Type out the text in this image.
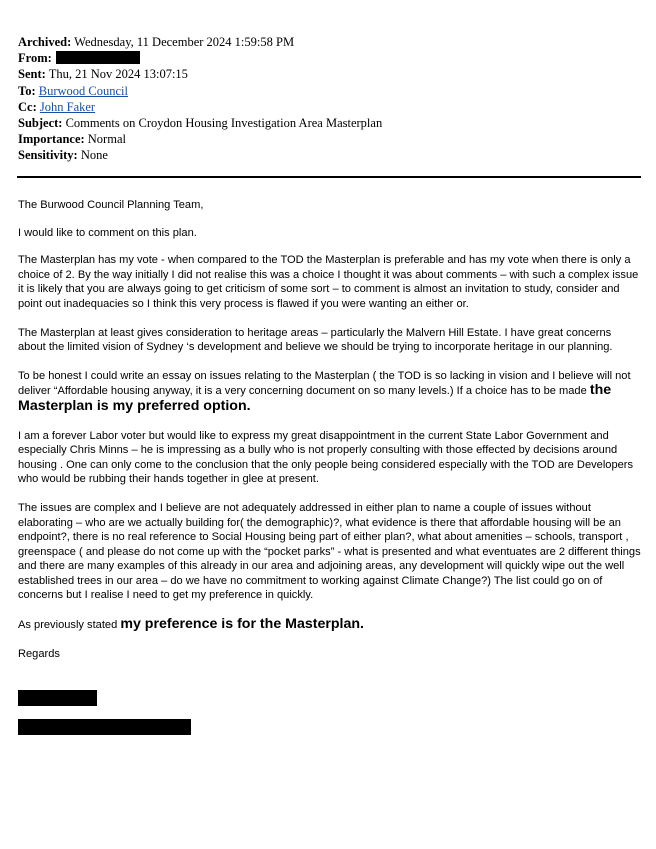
Archived: Wednesday, 11 December 2024 1:59:58 PM
From:
Sent: Thu, 21 Nov 2024 13:07:15
To: Burwood Council
Cc: John Faker
Subject: Comments on Croydon Housing Investigation Area Masterplan
Importance: Normal
Sensitivity: None

The Burwood Council Planning Team,

I would like to comment on this plan.

The Masterplan has my vote - when compared to the TOD the Masterplan is preferable and has my vote when there is only a choice of 2. By the way initially I did not realise this was a choice I thought it was about comments – with such a complex issue it is likely that you are always going to get criticism of some sort – to comment is almost an invitation to study, consider and point out inadequacies so I think this very process is flawed if you were wanting an either or.

The Masterplan at least gives consideration to heritage areas – particularly the Malvern Hill Estate. I have great concerns about the limited vision of Sydney ‘s development and believe we should be trying to incorporate heritage in our planning.

To be honest I could write an essay on issues relating to the Masterplan ( the TOD is so lacking in vision and I believe will not deliver “Affordable housing anyway, it is a very concerning document on so many levels.) If a choice has to be made the Masterplan is my preferred option.

I am a forever Labor voter but would like to express my great disappointment in the current State Labor Government and especially Chris Minns – he is impressing as a bully who is not properly consulting with those effected by decisions around housing . One can only come to the conclusion that the only people being considered especially with the TOD are Developers who would be rubbing their hands together in glee at present.

The issues are complex and I believe are not adequately addressed in either plan to name a couple of issues without elaborating – who are we actually building for( the demographic)?, what evidence is there that affordable housing will be an endpoint?, there is no real reference to Social Housing being part of either plan?, what about amenities – schools, transport , greenspace ( and please do not come up with the “pocket parks” - what is presented and what eventuates are 2 different things and there are many examples of this already in our area and adjoining areas, any development will quickly wipe out the well established trees in our area – do we have no commitment to working against Climate Change?) The list could go on of concerns but I realise I need to get my preference in quickly.

As previously stated my preference is for the Masterplan.

Regards
